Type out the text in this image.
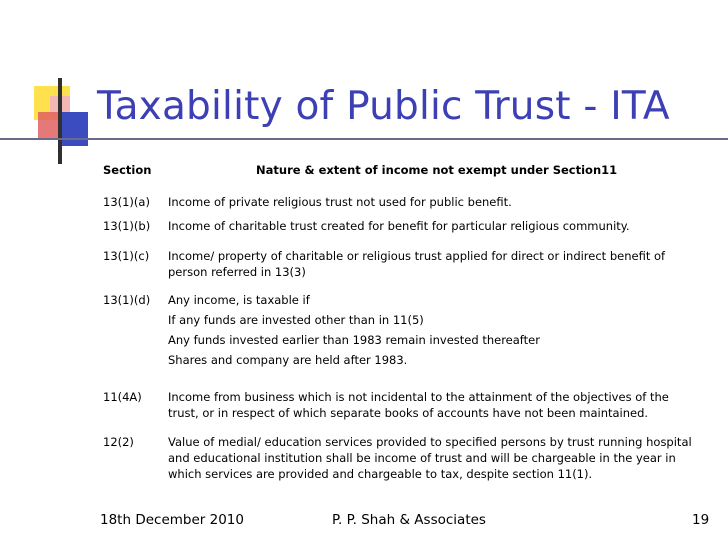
Taxability of Public Trust - ITA
Section	Nature & extent of income not exempt under Section11
13(1)(a) Income of private religious trust not used for public benefit.
13(1)(b) Income of charitable trust created for benefit for particular religious community.
13(1)(c) Income/ property of charitable or religious trust applied for direct or indirect benefit of
person referred in 13(3)
13(1)(d) Any income, is taxable if
If any funds are invested other than in 11(5)
Any funds invested earlier than 1983 remain invested thereafter
Shares and company are held after 1983.
11(4A) Income from business which is not incidental to the attainment of the objectives of the
trust, or in respect of which separate books of accounts have not been maintained.
12(2)	Value of medial/ education services provided to specified persons by trust running hospital
and educational institution shall be income of trust and will be chargeable in the year in
which services are provided and chargeable to tax, despite section 11(1).
18th December 2010	P. P. Shah & Associates	19
